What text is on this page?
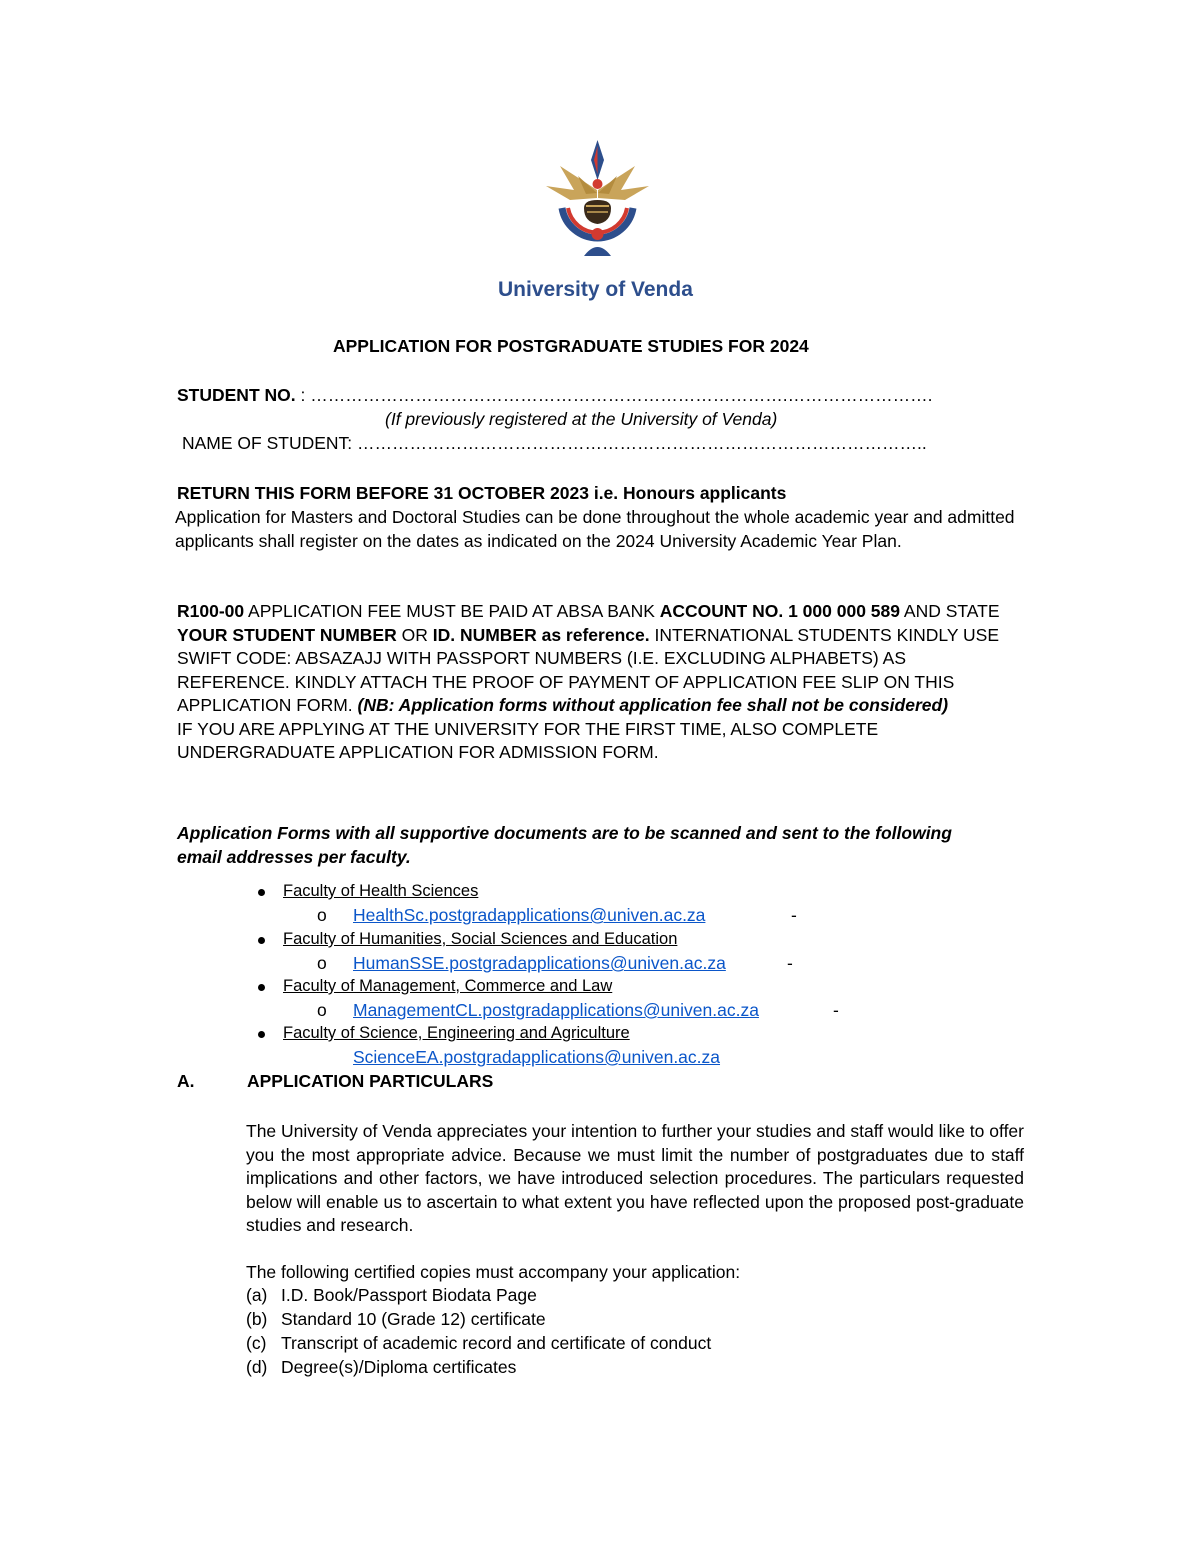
University of Venda
APPLICATION FOR POSTGRADUATE STUDIES FOR 2024
STUDENT NO. : ……………………………………………………………………….…………………….
(If previously registered at the University of Venda)
NAME OF STUDENT: ……………………………………………………………………………………..
RETURN THIS FORM BEFORE 31 OCTOBER 2023 i.e. Honours applicants
Application for Masters and Doctoral Studies can be done throughout the whole academic year and admitted applicants shall register on the dates as indicated on the 2024 University Academic Year Plan.
R100-00 APPLICATION FEE MUST BE PAID AT ABSA BANK ACCOUNT NO. 1 000 000 589 AND STATE YOUR STUDENT NUMBER OR ID. NUMBER as reference. INTERNATIONAL STUDENTS KINDLY USE SWIFT CODE: ABSAZAJJ WITH PASSPORT NUMBERS (I.E. EXCLUDING ALPHABETS) AS REFERENCE. KINDLY ATTACH THE PROOF OF PAYMENT OF APPLICATION FEE SLIP ON THIS APPLICATION FORM. (NB: Application forms without application fee shall not be considered)
IF YOU ARE APPLYING AT THE UNIVERSITY FOR THE FIRST TIME, ALSO COMPLETE UNDERGRADUATE APPLICATION FOR ADMISSION FORM.
Application Forms with all supportive documents are to be scanned and sent to the following email addresses per faculty.
Faculty of Health Sciences
o HealthSc.postgradapplications@univen.ac.za	-
Faculty of Humanities, Social Sciences and Education
o HumanSSE.postgradapplications@univen.ac.za	-
Faculty of Management, Commerce and Law
o ManagementCL.postgradapplications@univen.ac.za	-
Faculty of Science, Engineering and Agriculture
ScienceEA.postgradapplications@univen.ac.za
A.	APPLICATION PARTICULARS
The University of Venda appreciates your intention to further your studies and staff would like to offer you the most appropriate advice. Because we must limit the number of postgraduates due to staff implications and other factors, we have introduced selection procedures. The particulars requested below will enable us to ascertain to what extent you have reflected upon the proposed post-graduate studies and research.
The following certified copies must accompany your application:
(a) I.D. Book/Passport Biodata Page
(b) Standard 10 (Grade 12) certificate
(c) Transcript of academic record and certificate of conduct
(d) Degree(s)/Diploma certificates
